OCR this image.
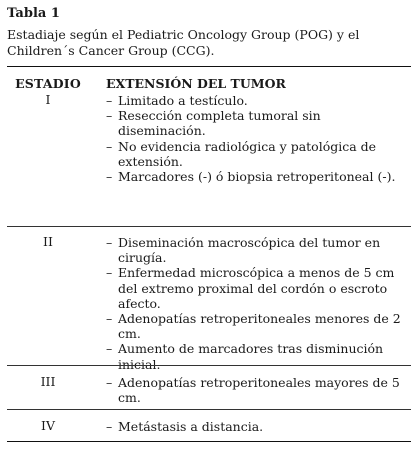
Tabla 1
Estadiaje según el Pediatric Oncology Group (POG) y el Children´s Cancer Group (CCG).
ESTADIO	EXTENSIÓN DEL TUMOR
I	– Limitado a testículo.
– Resección completa tumoral sin diseminación.
– No evidencia radiológica y patológica de extensión.
– Marcadores (-) ó biopsia retroperitoneal (-).
II	– Diseminación macroscópica del tumor en cirugía.
– Enfermedad microscópica a menos de 5 cm del extremo proximal del cordón o escroto afecto.
– Adenopatías retroperitoneales menores de 2 cm.
– Aumento de marcadores tras disminución inicial.
III	– Adenopatías retroperitoneales mayores de 5 cm.
IV	– Metástasis a distancia.
